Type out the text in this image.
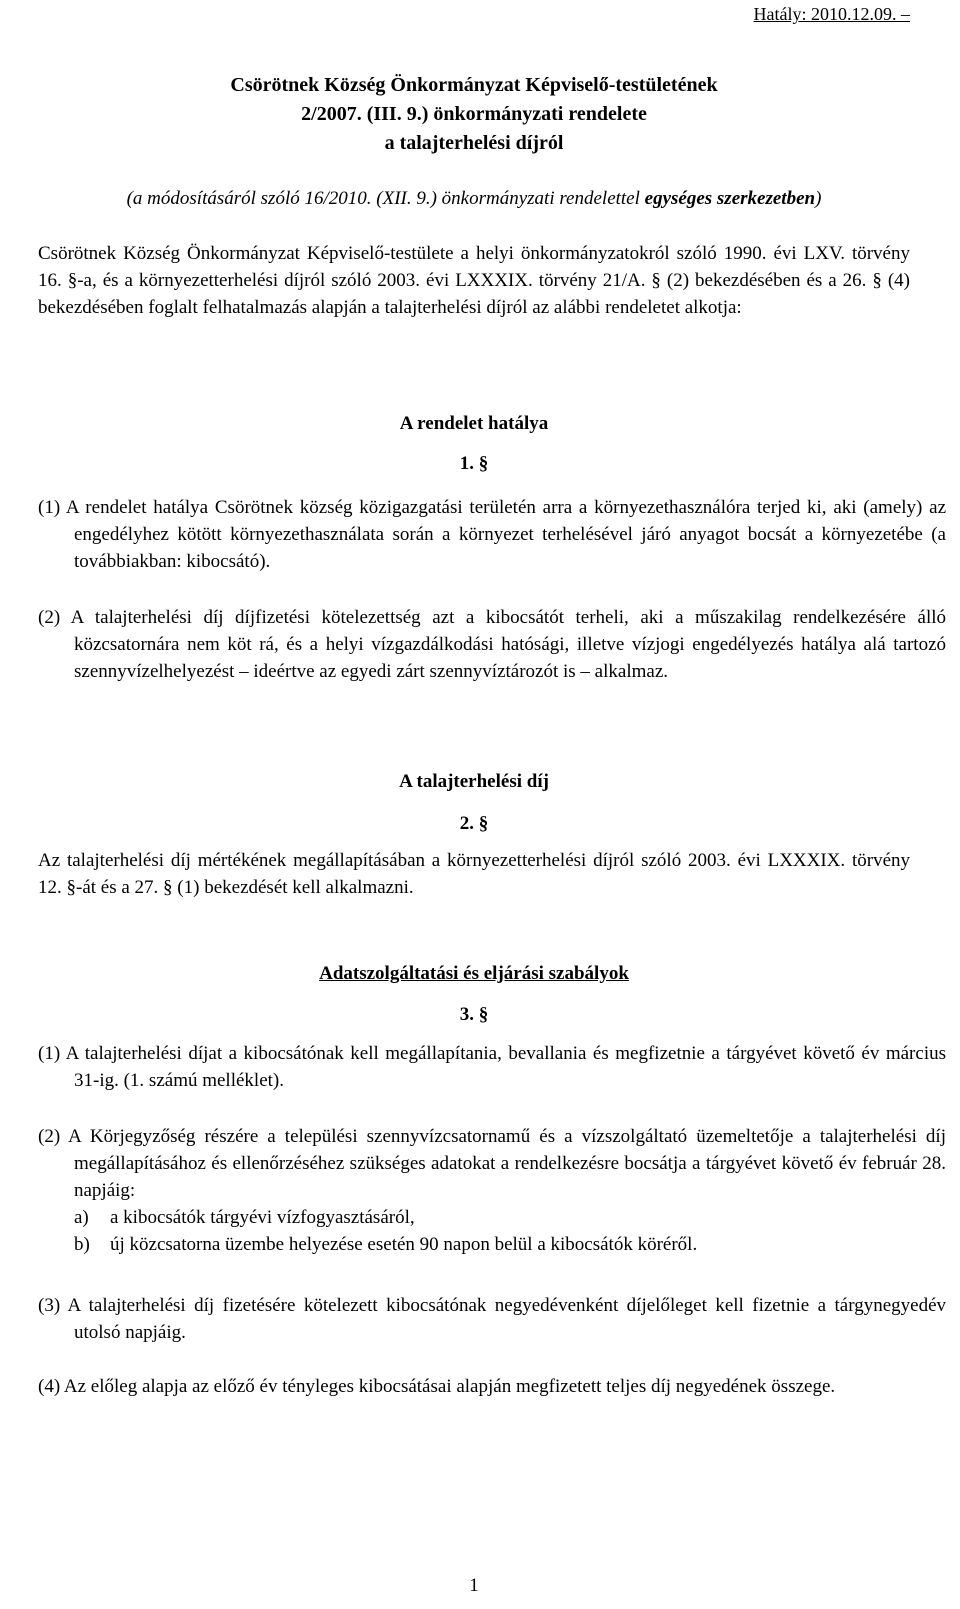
Hatály: 2010.12.09. –
Csörötnek Község Önkormányzat Képviselő-testületének
2/2007. (III. 9.) önkormányzati rendelete
a talajterhelési díjról
(a módosításáról szóló 16/2010. (XII. 9.) önkormányzati rendelettel egységes szerkezetben)
Csörötnek Község Önkormányzat Képviselő-testülete a helyi önkormányzatokról szóló 1990. évi LXV. törvény 16. §-a, és a környezetterhelési díjról szóló 2003. évi LXXXIX. törvény 21/A. § (2) bekezdésében és a 26. § (4) bekezdésében foglalt felhatalmazás alapján a talajterhelési díjról az alábbi rendeletet alkotja:
A rendelet hatálya
1. §
(1) A rendelet hatálya Csörötnek község közigazgatási területén arra a környezethasználóra terjed ki, aki (amely) az engedélyhez kötött környezethasználata során a környezet terhelésével járó anyagot bocsát a környezetébe (a továbbiakban: kibocsátó).
(2) A talajterhelési díj díjfizetési kötelezettség azt a kibocsátót terheli, aki a műszakilag rendelkezésére álló közcsatornára nem köt rá, és a helyi vízgazdálkodási hatósági, illetve vízjogi engedélyezés hatálya alá tartozó szennyvízelhelyezést – ideértve az egyedi zárt szennyvíztározót is – alkalmaz.
A talajterhelési díj
2. §
Az talajterhelési díj mértékének megállapításában a környezetterhelési díjról szóló 2003. évi LXXXIX. törvény 12. §-át és a 27. § (1) bekezdését kell alkalmazni.
Adatszolgáltatási és eljárási szabályok
3. §
(1) A talajterhelési díjat a kibocsátónak kell megállapítania, bevallania és megfizetnie a tárgyévet követő év március 31-ig. (1. számú melléklet).
(2) A Körjegyzőség részére a települési szennyvízcsatornamű és a vízszolgáltató üzemeltetője a talajterhelési díj megállapításához és ellenőrzéséhez szükséges adatokat a rendelkezésre bocsátja a tárgyévet követő év február 28. napjáig:
a)	a kibocsátók tárgyévi vízfogyasztásáról,
b)	új közcsatorna üzembe helyezése esetén 90 napon belül a kibocsátók köréről.
(3) A talajterhelési díj fizetésére kötelezett kibocsátónak negyedévenként díjelőleget kell fizetnie a tárgynegyedév utolsó napjáig.
(4) Az előleg alapja az előző év tényleges kibocsátásai alapján megfizetett teljes díj negyedének összege.
1
